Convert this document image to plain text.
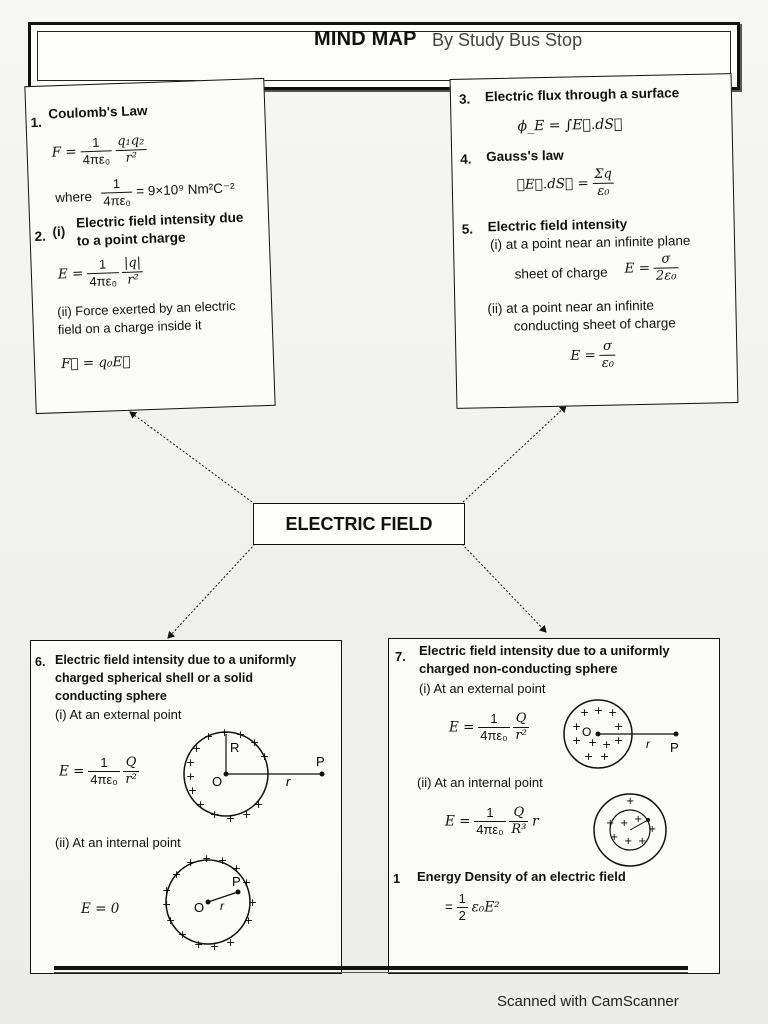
MIND MAP By Study Bus Stop
ELECTRIC FIELD
1.
Coulomb's Law
$F = \frac{1}{\text{4πε₀}}$
$\frac{\text{q₁q₂}}{\text{r²}}$
where $\frac{1}{\text{4πε₀}} = 9\times 10^9$ Nm²C⁻²
2. (i)
Electric field intensity due
to a point charge
$E = \frac{1}{\text{4πε₀}}$
$\frac{|q|}{\text{r²}}$
(ii) Force exerted by an electric
field on a charge inside it
F⃗ = q₀E⃗
3. Electric flux through a surface
ϕ_E = ∫E⃗.dS⃗
4. Gauss's law
∮E⃗.dS⃗ = $\frac{\Sigma q}{\text{ε₀}}$
5. Electric field intensity
(i) at a point near an infinite plane
sheet of charge $E = \frac{\sigma}{\text{2ε₀}}$
(ii) at a point near an infinite
conducting sheet of charge
$E = \frac{\sigma}{\text{ε₀}}$
6. Electric field intensity due to a uniformly
charged spherical shell or a solid
conducting sphere
(i) At an external point
$E = \frac{1}{\text{4πε₀}}$
$\frac{Q}{\text{r²}}$
(ii) At an internal point
E = 0
+ +
+	+
+
+
+
+
+
+
+ + +
+
R
O	r
P
+ +
+	+
+
+
+
+	+
+	+
+
+ + +
O r
P
7. Electric field intensity due to a uniformly
charged non-conducting sphere
(i) At an external point
$E = \frac{1}{\text{4πε₀}}$
$\frac{Q}{\text{r²}}$
(ii) At an internal point
$E = \frac{1}{\text{4πε₀}}$
$\frac{Q}{\text{R³}}$ r
1 Energy Density of an electric field
= $\frac{1}{2} \varepsilon_0E^2$
+ + +
+	+
+ + + +
+ +
O
r P
+
+ + +
+
+ + +
Scanned with CamScanner
